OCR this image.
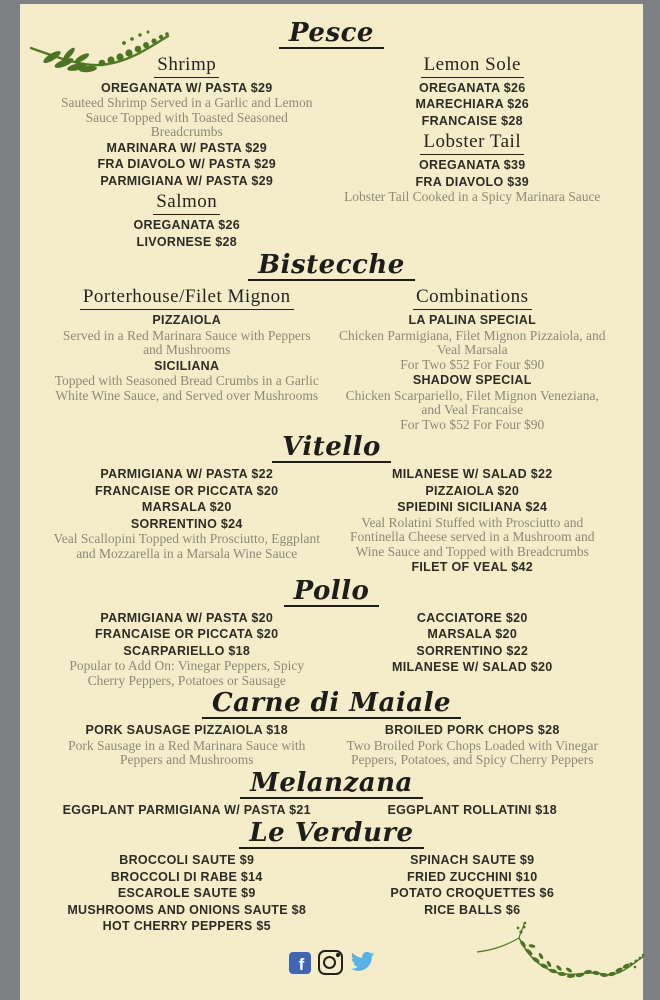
Pesce
Shrimp
OREGANATA W/ PASTA $29
Sauteed Shrimp Served in a Garlic and Lemon Sauce Topped with Toasted Seasoned Breadcrumbs
MARINARA W/ PASTA $29
FRA DIAVOLO W/ PASTA $29
PARMIGIANA W/ PASTA $29
Salmon
OREGANATA $26
LIVORNESE $28
Lemon Sole
OREGANATA $26
MARECHIARA $26
FRANCAISE $28
Lobster Tail
OREGANATA $39
FRA DIAVOLO $39
Lobster Tail Cooked in a Spicy Marinara Sauce
Bistecche
Porterhouse/Filet Mignon
PIZZAIOLA
Served in a Red Marinara Sauce with Peppers and Mushrooms
SICILIANA
Topped with Seasoned Bread Crumbs in a Garlic White Wine Sauce, and Served over Mushrooms
Combinations
LA PALINA SPECIAL
Chicken Parmigiana, Filet Mignon Pizzaiola, and Veal Marsala
For Two $52 For Four $90
SHADOW SPECIAL
Chicken Scarpariello, Filet Mignon Veneziana, and Veal Francaise
For Two $52 For Four $90
Vitello
PARMIGIANA W/ PASTA $22
FRANCAISE OR PICCATA $20
MARSALA $20
SORRENTINO $24
Veal Scallopini Topped with Prosciutto, Eggplant and Mozzarella in a Marsala Wine Sauce
MILANESE W/ SALAD $22
PIZZAIOLA $20
SPIEDINI SICILIANA $24
Veal Rolatini Stuffed with Prosciutto and Fontinella Cheese served in a Mushroom and Wine Sauce and Topped with Breadcrumbs
FILET OF VEAL $42
Pollo
PARMIGIANA W/ PASTA $20
FRANCAISE OR PICCATA $20
SCARPARIELLO $18
Popular to Add On: Vinegar Peppers, Spicy Cherry Peppers, Potatoes or Sausage
CACCIATORE $20
MARSALA $20
SORRENTINO $22
MILANESE W/ SALAD $20
Carne di Maiale
PORK SAUSAGE PIZZAIOLA $18
Pork Sausage in a Red Marinara Sauce with Peppers and Mushrooms
BROILED PORK CHOPS $28
Two Broiled Pork Chops Loaded with Vinegar Peppers, Potatoes, and Spicy Cherry Peppers
Melanzana
EGGPLANT PARMIGIANA W/ PASTA $21	EGGPLANT ROLLATINI $18
Le Verdure
BROCCOLI SAUTE $9
BROCCOLI DI RABE $14
ESCAROLE SAUTE $9
MUSHROOMS AND ONIONS SAUTE $8
HOT CHERRY PEPPERS $5
SPINACH SAUTE $9
FRIED ZUCCHINI $10
POTATO CROQUETTES $6
RICE BALLS $6
f
